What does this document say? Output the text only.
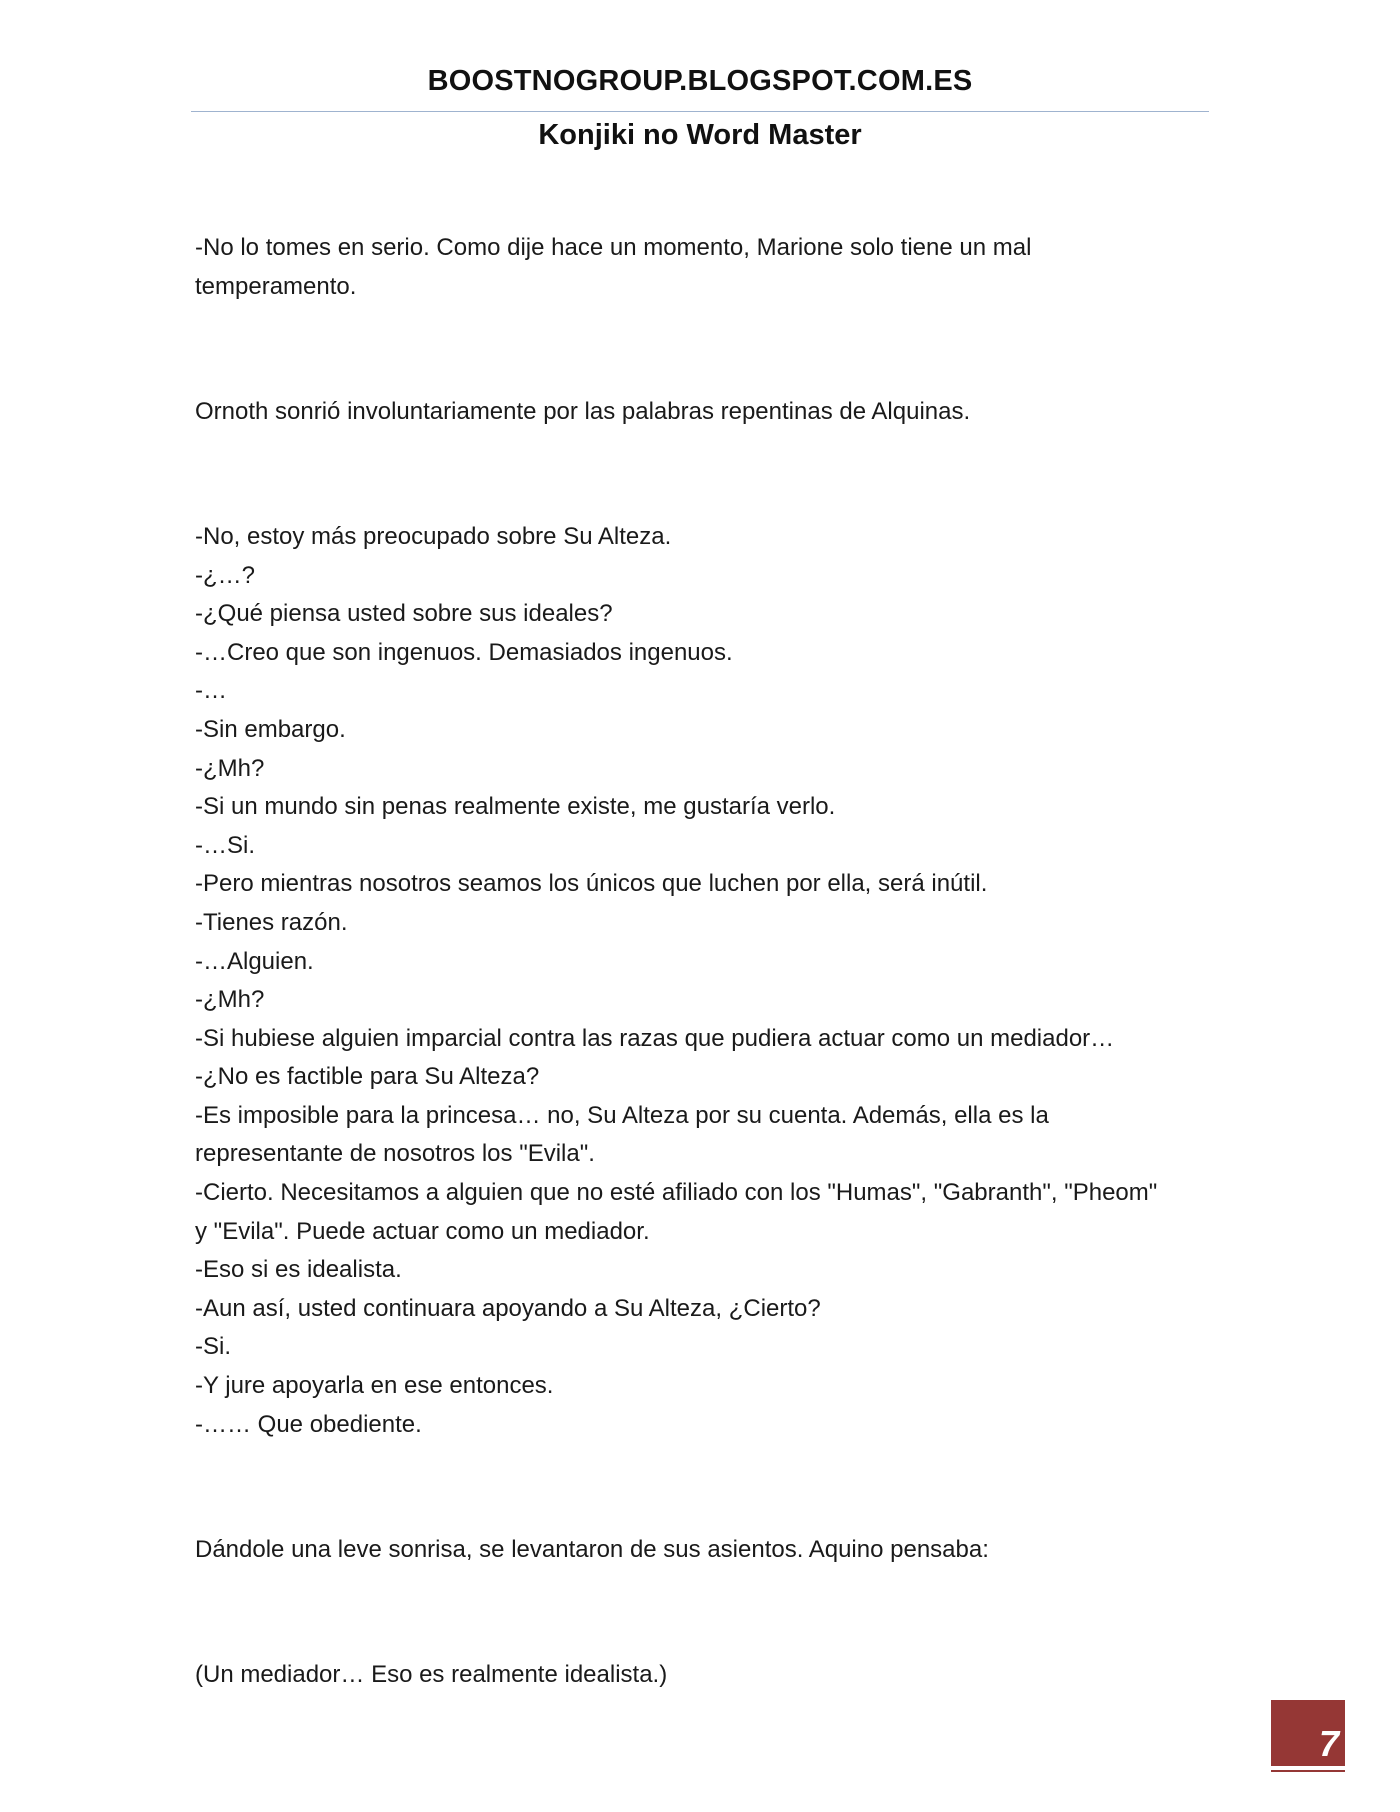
BOOSTNOGROUP.BLOGSPOT.COM.ES
Konjiki no Word Master

-No lo tomes en serio. Como dije hace un momento, Marione solo tiene un mal

temperamento.

Ornoth sonrió involuntariamente por las palabras repentinas de Alquinas.

-No, estoy más preocupado sobre Su Alteza.

-¿…?

-¿Qué piensa usted sobre sus ideales?

-…Creo que son ingenuos. Demasiados ingenuos.

-…

-Sin embargo.

-¿Mh?

-Si un mundo sin penas realmente existe, me gustaría verlo.

-…Si.

-Pero mientras nosotros seamos los únicos que luchen por ella, será inútil.

-Tienes razón.

-…Alguien.

-¿Mh?

-Si hubiese alguien imparcial contra las razas que pudiera actuar como un mediador…

-¿No es factible para Su Alteza?

-Es imposible para la princesa… no, Su Alteza por su cuenta. Además, ella es la

representante de nosotros los "Evila".

-Cierto. Necesitamos a alguien que no esté afiliado con los "Humas", "Gabranth", "Pheom"

y "Evila". Puede actuar como un mediador.

-Eso si es idealista.

-Aun así, usted continuara apoyando a Su Alteza, ¿Cierto?

-Si.

-Y jure apoyarla en ese entonces.

-…… Que obediente.

Dándole una leve sonrisa, se levantaron de sus asientos. Aquino pensaba:

(Un mediador… Eso es realmente idealista.)

7
